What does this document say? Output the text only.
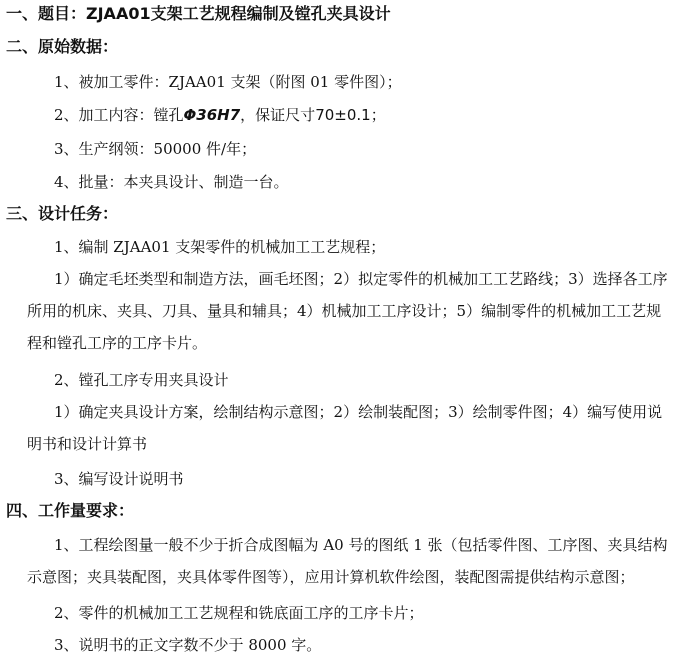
一、题目：ZJAA01支架工艺规程编制及镗孔夹具设计
二、原始数据：
1、被加工零件：ZJAA01 支架（附图 01 零件图）；
2、加工内容：镗孔Φ36H7，保证尺寸70±0.1；
3、生产纲领：50000 件/年；
4、批量：本夹具设计、制造一台。
三、设计任务：
1、编制 ZJAA01 支架零件的机械加工工艺规程；
1）确定毛坯类型和制造方法，画毛坯图；2）拟定零件的机械加工工艺路线；3）选择各工序所用的机床、夹具、刀具、量具和辅具；4）机械加工工序设计；5）编制零件的机械加工工艺规程和镗孔工序的工序卡片。
2、镗孔工序专用夹具设计
1）确定夹具设计方案，绘制结构示意图；2）绘制装配图；3）绘制零件图；4）编写使用说明书和设计计算书
3、编写设计说明书
四、工作量要求：
1、工程绘图量一般不少于折合成图幅为 A0 号的图纸 1 张（包括零件图、工序图、夹具结构示意图；夹具装配图，夹具体零件图等），应用计算机软件绘图，装配图需提供结构示意图；
2、零件的机械加工工艺规程和铣底面工序的工序卡片；
3、说明书的正文字数不少于 8000 字。
